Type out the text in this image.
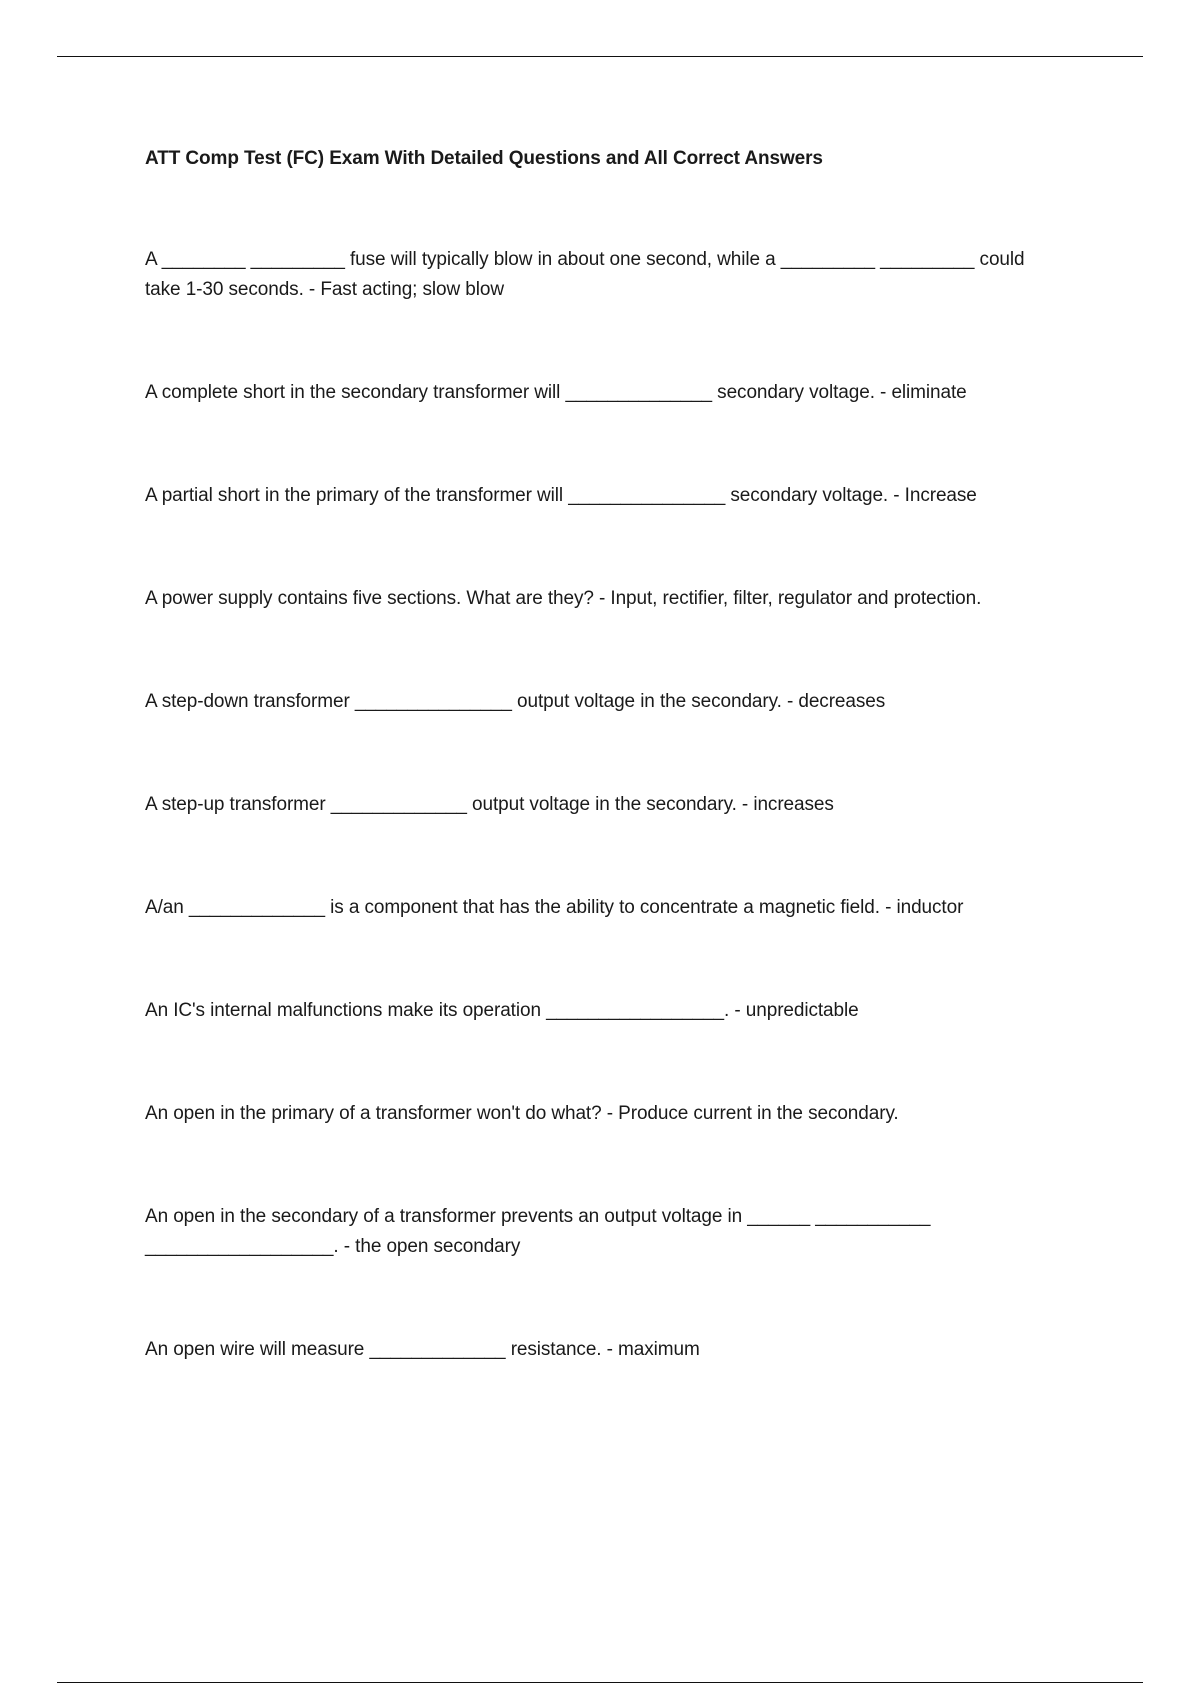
ATT Comp Test (FC) Exam With Detailed Questions and All Correct Answers
A ________ _________ fuse will typically blow in about one second, while a _________ _________ could take 1-30 seconds. - Fast acting; slow blow
A complete short in the secondary transformer will ______________ secondary voltage. - eliminate
A partial short in the primary of the transformer will _______________ secondary voltage. - Increase
A power supply contains five sections. What are they? - Input, rectifier, filter, regulator and protection.
A step-down transformer _______________ output voltage in the secondary. - decreases
A step-up transformer _____________ output voltage in the secondary. - increases
A/an _____________ is a component that has the ability to concentrate a magnetic field. - inductor
An IC's internal malfunctions make its operation _________________. - unpredictable
An open in the primary of a transformer won't do what? - Produce current in the secondary.
An open in the secondary of a transformer prevents an output voltage in ______ ___________ __________________. - the open secondary
An open wire will measure _____________ resistance. - maximum
